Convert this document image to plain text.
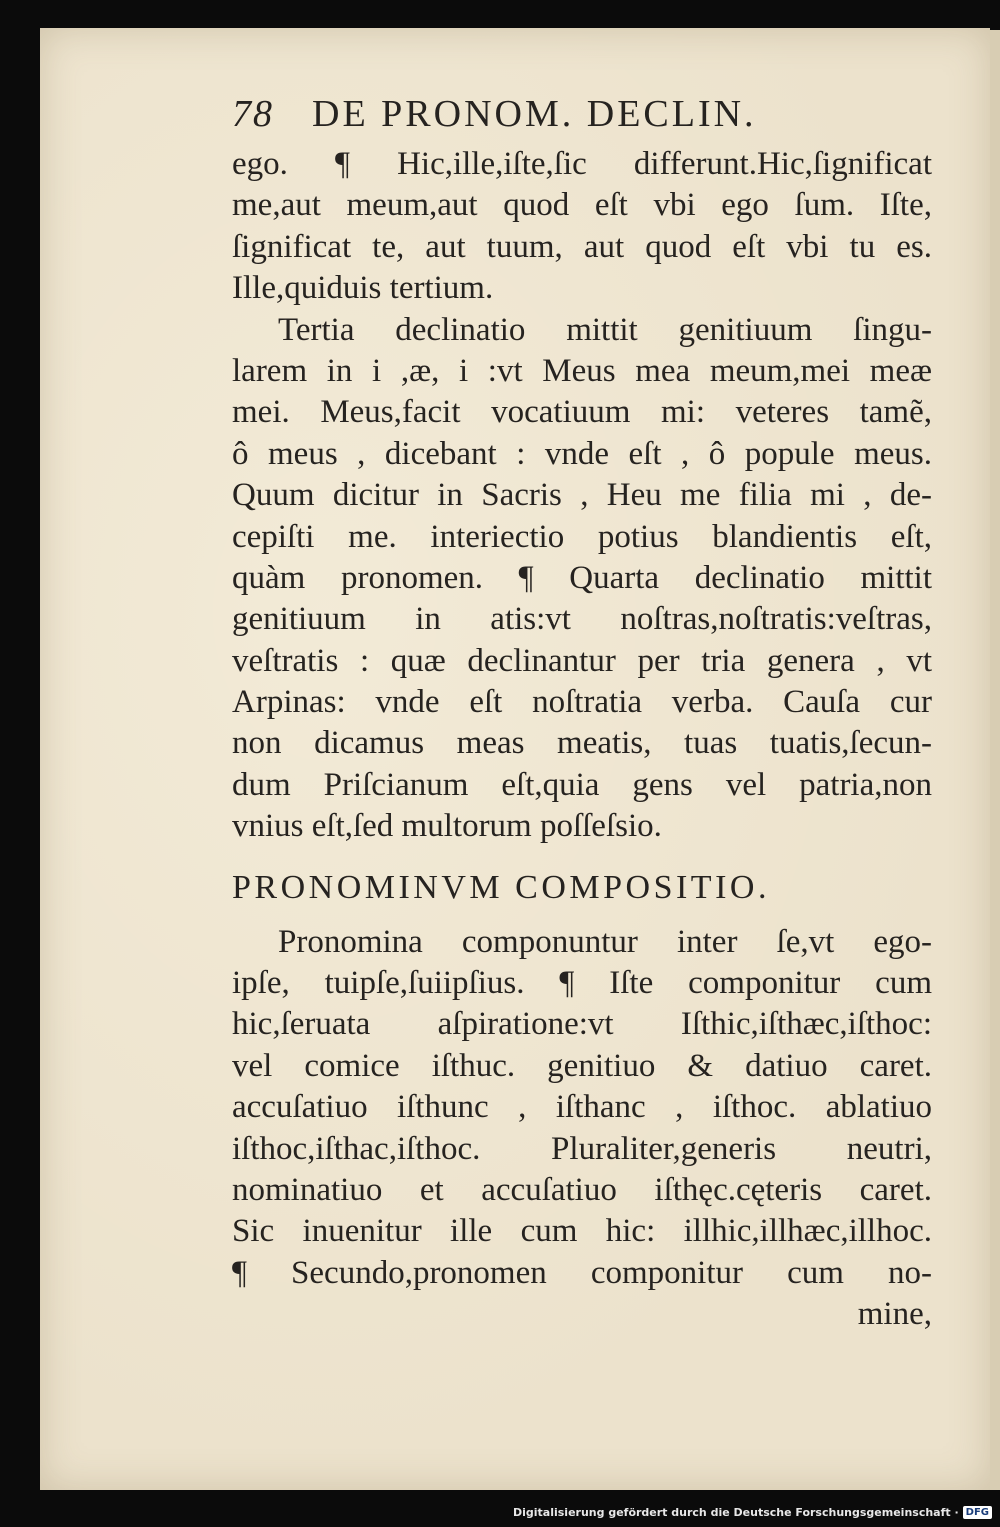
78 DE PRONOM. DECLIN.
ego. ¶ Hic,ille,iſte,ſic differunt.Hic,ſignificat
me,aut meum,aut quod eſt vbi ego ſum. Iſte,
ſignificat te, aut tuum, aut quod eſt vbi tu es.
Ille,quiduis tertium.
Tertia declinatio mittit genitiuum ſingu-
larem in i ,æ, i :vt Meus mea meum,mei meæ
mei. Meus,facit vocatiuum mi: veteres tamẽ,
ô meus , dicebant : vnde eſt , ô popule meus.
Quum dicitur in Sacris , Heu me filia mi , de-
cepiſti me. interiectio potius blandientis eſt,
quàm pronomen. ¶ Quarta declinatio mittit
genitiuum in atis:vt noſtras,noſtratis:veſtras,
veſtratis : quæ declinantur per tria genera , vt
Arpinas: vnde eſt noſtratia verba. Cauſa cur
non dicamus meas meatis, tuas tuatis,ſecun-
dum Priſcianum eſt,quia gens vel patria,non
vnius eſt,ſed multorum poſſeſsio.
PRONOMINVM COMPOSITIO.
Pronomina componuntur inter ſe,vt ego-
ipſe, tuipſe,ſuiipſius. ¶ Iſte componitur cum
hic,ſeruata aſpiratione:vt Iſthic,iſthæc,iſthoc:
vel comice iſthuc. genitiuo & datiuo caret.
accuſatiuo iſthunc , iſthanc , iſthoc. ablatiuo
iſthoc,iſthac,iſthoc. Pluraliter,generis neutri,
nominatiuo et accuſatiuo iſthęc.cęteris caret.
Sic inuenitur ille cum hic: illhic,illhæc,illhoc.
¶ Secundo,pronomen componitur cum no-
mine,
Digitalisierung gefördert durch die Deutsche Forschungsgemeinschaft · DFG
